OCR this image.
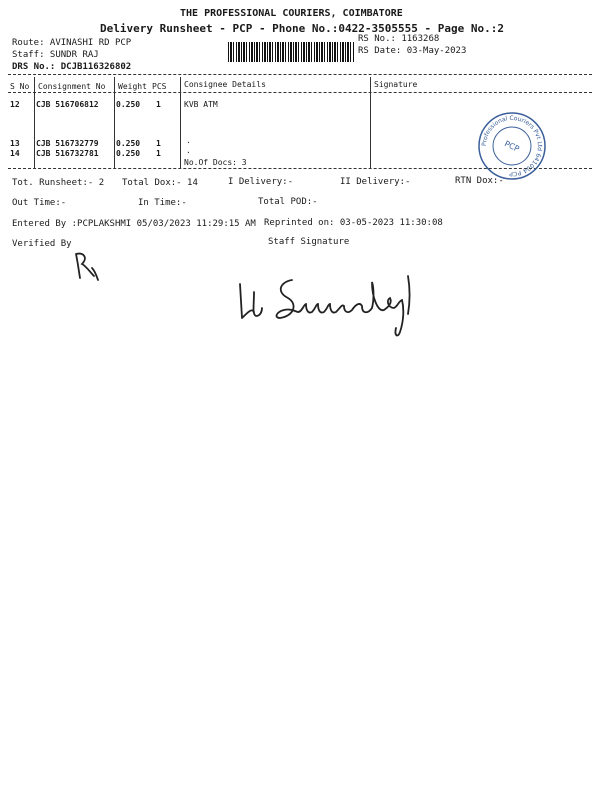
THE PROFESSIONAL COURIERS, COIMBATORE
Delivery Runsheet - PCP - Phone No.:0422-3505555 - Page No.:2
Route: AVINASHI RD PCP
Staff: SUNDR RAJ
DRS No.: DCJB116326802
RS No.: 1163268
RS Date: 03-May-2023
S No Consignment No Weight PCS Consignee Details	Signature
12 CJB 516706812 0.250 1	KVB ATM
13 CJB 516732779 0.250 1	.
14 CJB 516732781 0.250 1	.
No.Of Docs: 3
Professional Couriers Pvt Ltd 641004 PCP
PCP
Tot. Runsheet:- 2 Total Dox:- 14	I Delivery:-	II Delivery:-	RTN Dox:-
Out Time:-	In Time:-	Total POD:-
Entered By :PCPLAKSHMI 05/03/2023 11:29:15 AM Reprinted on: 03-05-2023 11:30:08
Verified By	Staff Signature
